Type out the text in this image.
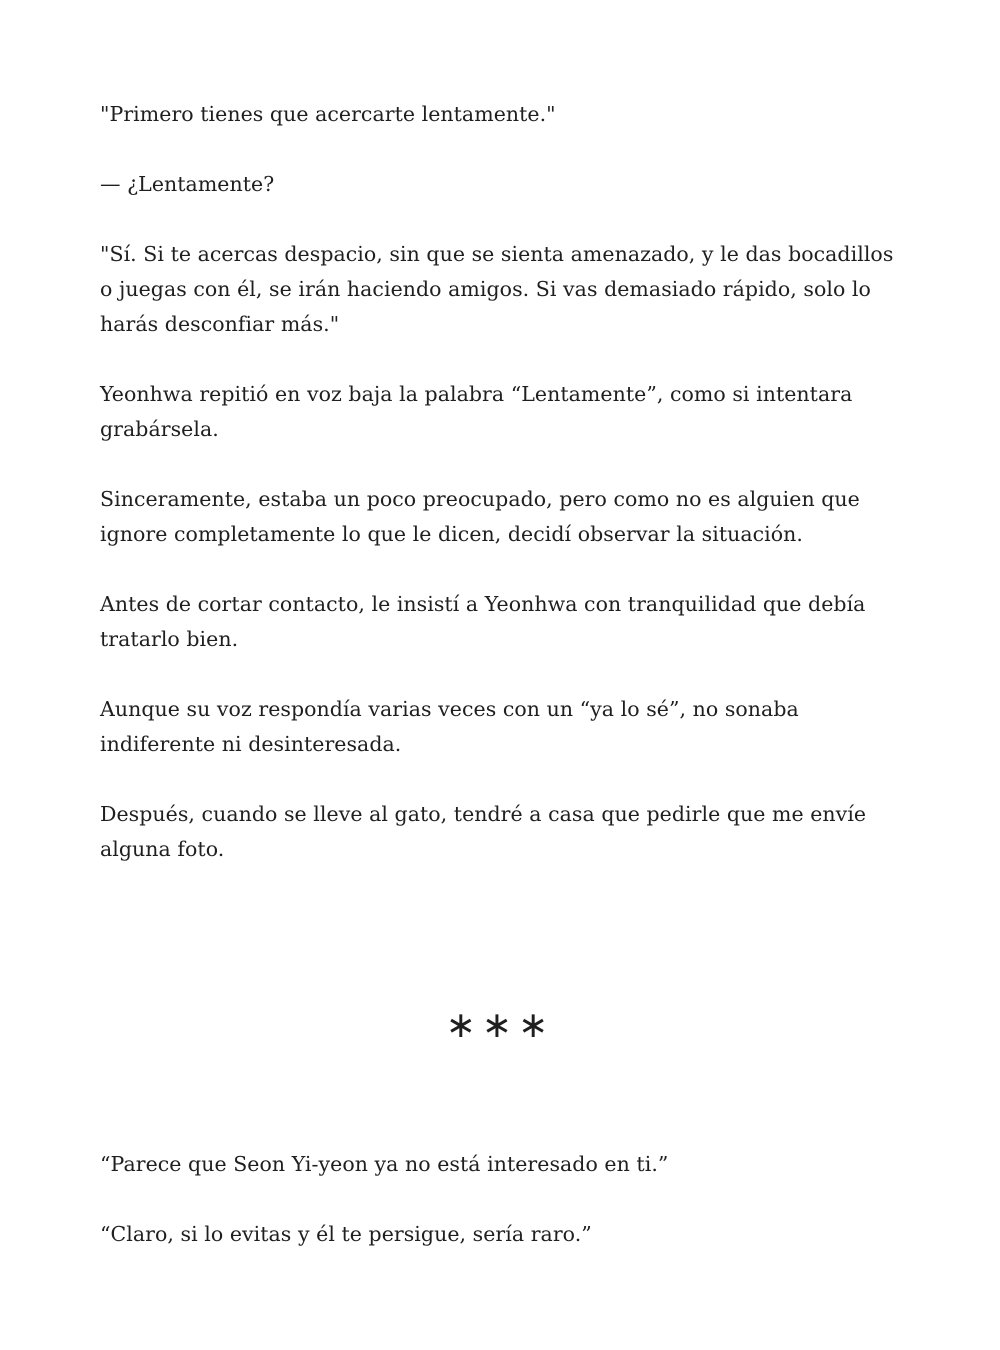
"Primero tienes que acercarte lentamente."

— ¿Lentamente?

"Sí. Si te acercas despacio, sin que se sienta amenazado, y le das bocadillos o juegas con él, se irán haciendo amigos. Si vas demasiado rápido, solo lo harás desconfiar más."

Yeonhwa repitió en voz baja la palabra “Lentamente”, como si intentara grabársela.

Sinceramente, estaba un poco preocupado, pero como no es alguien que ignore completamente lo que le dicen, decidí observar la situación.

Antes de cortar contacto, le insistí a Yeonhwa con tranquilidad que debía tratarlo bien.

Aunque su voz respondía varias veces con un “ya lo sé”, no sonaba indiferente ni desinteresada.

Después, cuando se lleve al gato, tendré a casa que pedirle que me envíe alguna foto.

∗∗∗

“Parece que Seon Yi-yeon ya no está interesado en ti.”

“Claro, si lo evitas y él te persigue, sería raro.”
